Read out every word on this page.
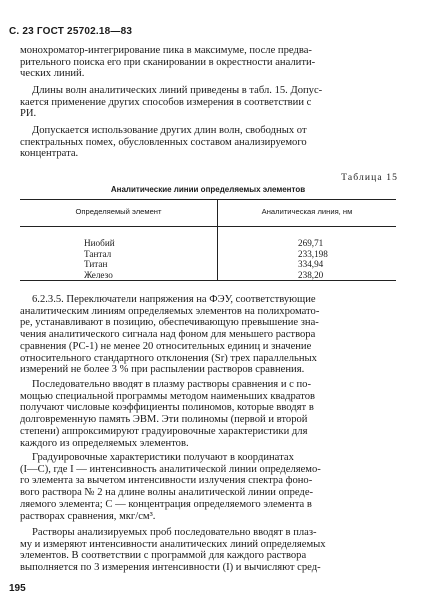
С. 23 ГОСТ 25702.18—83

монохроматор-интегрирование пика в максимуме, после предва-
рительного поиска его при сканировании в окрестности аналити-
ческих линий.

Длины волн аналитических линий приведены в табл. 15. Допус-
кается применение других способов измерения в соответствии с
РИ.

Допускается использование других длин волн, свободных от
спектральных помех, обусловленных составом анализируемого
концентрата.

Таблица 15
Аналитические линии определяемых элементов
Определяемый элемент	Аналитическая линия, нм
Ниобий
Тантал
Титан
Железо
269,71
233,198
334,94
238,20

6.2.3.5. Переключатели напряжения на ФЭУ, соответствующие
аналитическим линиям определяемых элементов на полихромато-
ре, устанавливают в позицию, обеспечивающую превышение зна-
чения аналитического сигнала над фоном для меньшего раствора
сравнения (РС-1) не менее 20 относительных единиц и значение
относительного стандартного отклонения (Sr) трех параллельных
измерений не более 3 % при распылении растворов сравнения.

Последовательно вводят в плазму растворы сравнения и с по-
мощью специальной программы методом наименьших квадратов
получают числовые коэффициенты полиномов, которые вводят в
долговременную память ЭВМ. Эти полиномы (первой и второй
степени) аппроксимируют градуировочные характеристики для
каждого из определяемых элементов.

Градуировочные характеристики получают в координатах
(I—C), где I — интенсивность аналитической линии определяемо-
го элемента за вычетом интенсивности излучения спектра фоно-
вого раствора № 2 на длине волны аналитической линии опреде-
ляемого элемента; C — концентрация определяемого элемента в
растворах сравнения, мкг/см³.

Растворы анализируемых проб последовательно вводят в плаз-
му и измеряют интенсивности аналитических линий определяемых
элементов. В соответствии с программой для каждого раствора
выполняется по 3 измерения интенсивности (I) и вычисляют сред-

195
